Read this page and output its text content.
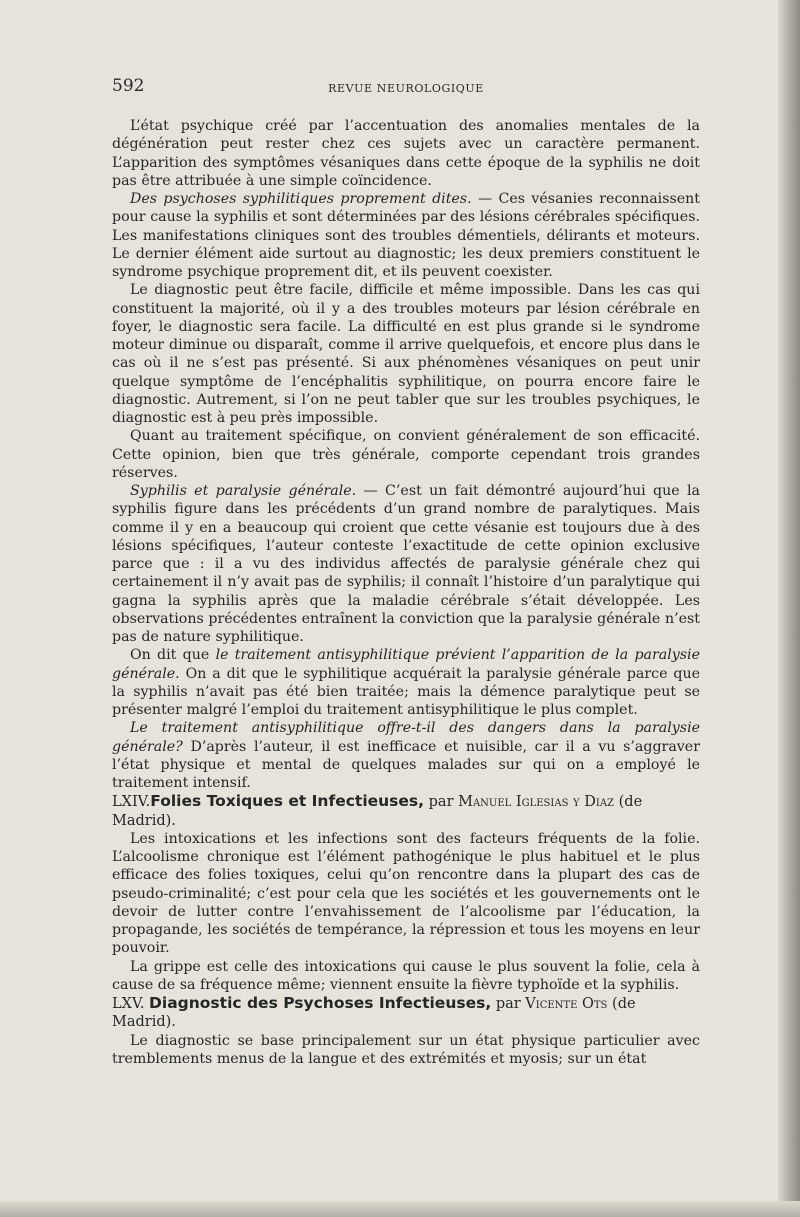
592	REVUE NEUROLOGIQUE

L’état psychique créé par l’accentuation des anomalies mentales de la dégénération peut rester chez ces sujets avec un caractère permanent. L’apparition des symptômes vésaniques dans cette époque de la syphilis ne doit pas être attribuée à une simple coïncidence.

Des psychoses syphilitiques proprement dites. — Ces vésanies reconnaissent pour cause la syphilis et sont déterminées par des lésions cérébrales spécifiques. Les manifestations cliniques sont des troubles démentiels, délirants et moteurs. Le dernier élément aide surtout au diagnostic; les deux premiers constituent le syndrome psychique proprement dit, et ils peuvent coexister.

Le diagnostic peut être facile, difficile et même impossible. Dans les cas qui constituent la majorité, où il y a des troubles moteurs par lésion cérébrale en foyer, le diagnostic sera facile. La difficulté en est plus grande si le syndrome moteur diminue ou disparaît, comme il arrive quelquefois, et encore plus dans le cas où il ne s’est pas présenté. Si aux phénomènes vésaniques on peut unir quelque symptôme de l’encéphalitis syphilitique, on pourra encore faire le diagnostic. Autrement, si l’on ne peut tabler que sur les troubles psychiques, le diagnostic est à peu près impossible.

Quant au traitement spécifique, on convient généralement de son efficacité. Cette opinion, bien que très générale, comporte cependant trois grandes réserves.

Syphilis et paralysie générale. — C’est un fait démontré aujourd’hui que la syphilis figure dans les précédents d’un grand nombre de paralytiques. Mais comme il y en a beaucoup qui croient que cette vésanie est toujours due à des lésions spécifiques, l’auteur conteste l’exactitude de cette opinion exclusive parce que : il a vu des individus affectés de paralysie générale chez qui certainement il n’y avait pas de syphilis; il connaît l’histoire d’un paralytique qui gagna la syphilis après que la maladie cérébrale s’était développée. Les observations précédentes entraînent la conviction que la paralysie générale n’est pas de nature syphilitique.

On dit que le traitement antisyphilitique prévient l’apparition de la paralysie générale. On a dit que le syphilitique acquérait la paralysie générale parce que la syphilis n’avait pas été bien traitée; mais la démence paralytique peut se présenter malgré l’emploi du traitement antisyphilitique le plus complet.

Le traitement antisyphilitique offre-t-il des dangers dans la paralysie générale? D’après l’auteur, il est inefficace et nuisible, car il a vu s’aggraver l’état physique et mental de quelques malades sur qui on a employé le traitement intensif.

LXIV.Folies Toxiques et Infectieuses, par Manuel Iglesias y Diaz (de Madrid).

Les intoxications et les infections sont des facteurs fréquents de la folie. L’alcoolisme chronique est l’élément pathogénique le plus habituel et le plus efficace des folies toxiques, celui qu’on rencontre dans la plupart des cas de pseudo-criminalité; c’est pour cela que les sociétés et les gouvernements ont le devoir de lutter contre l’envahissement de l’alcoolisme par l’éducation, la propagande, les sociétés de tempérance, la répression et tous les moyens en leur pouvoir.

La grippe est celle des intoxications qui cause le plus souvent la folie, cela à cause de sa fréquence même; viennent ensuite la fièvre typhoïde et la syphilis.

LXV. Diagnostic des Psychoses Infectieuses, par Vicente Ots (de Madrid).

Le diagnostic se base principalement sur un état physique particulier avec tremblements menus de la langue et des extrémités et myosis; sur un état
